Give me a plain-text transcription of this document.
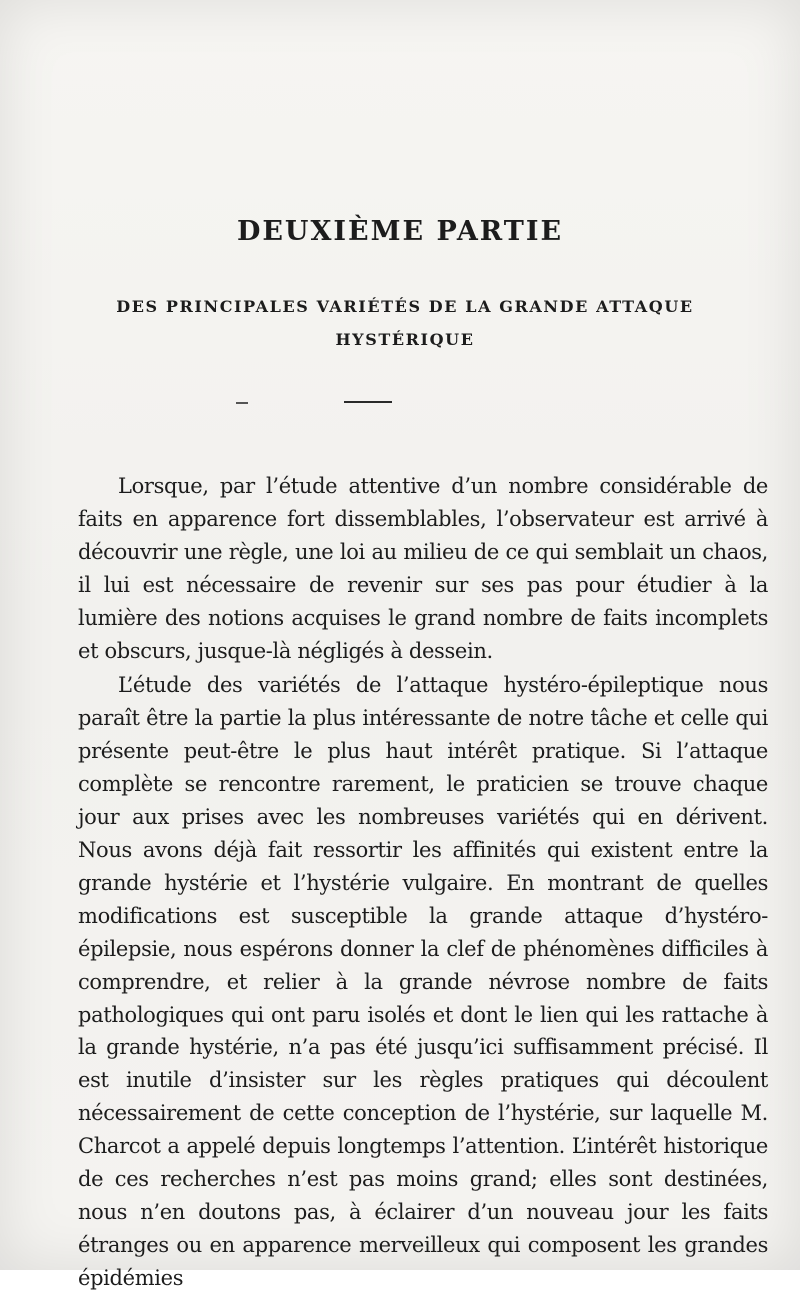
DEUXIÈME PARTIE
DES PRINCIPALES VARIÉTÉS DE LA GRANDE ATTAQUE HYSTÉRIQUE

Lorsque, par l’étude attentive d’un nombre considérable de faits en apparence fort dissemblables, l’observateur est arrivé à découvrir une règle, une loi au milieu de ce qui semblait un chaos, il lui est nécessaire de revenir sur ses pas pour étudier à la lumière des notions acquises le grand nombre de faits incomplets et obscurs, jusque-là négligés à dessein.

L’étude des variétés de l’attaque hystéro-épileptique nous paraît être la partie la plus intéressante de notre tâche et celle qui présente peut-être le plus haut intérêt pratique. Si l’attaque complète se rencontre rarement, le praticien se trouve chaque jour aux prises avec les nombreuses variétés qui en dérivent. Nous avons déjà fait ressortir les affinités qui existent entre la grande hystérie et l’hystérie vulgaire. En montrant de quelles modifications est susceptible la grande attaque d’hystéro-épilepsie, nous espérons donner la clef de phénomènes difficiles à comprendre, et relier à la grande névrose nombre de faits pathologiques qui ont paru isolés et dont le lien qui les rattache à la grande hystérie, n’a pas été jusqu’ici suffisamment précisé. Il est inutile d’insister sur les règles pratiques qui découlent nécessairement de cette conception de l’hystérie, sur laquelle M. Charcot a appelé depuis longtemps l’attention. L’intérêt historique de ces recherches n’est pas moins grand; elles sont destinées, nous n’en doutons pas, à éclairer d’un nouveau jour les faits étranges ou en apparence merveilleux qui composent les grandes épidémies
